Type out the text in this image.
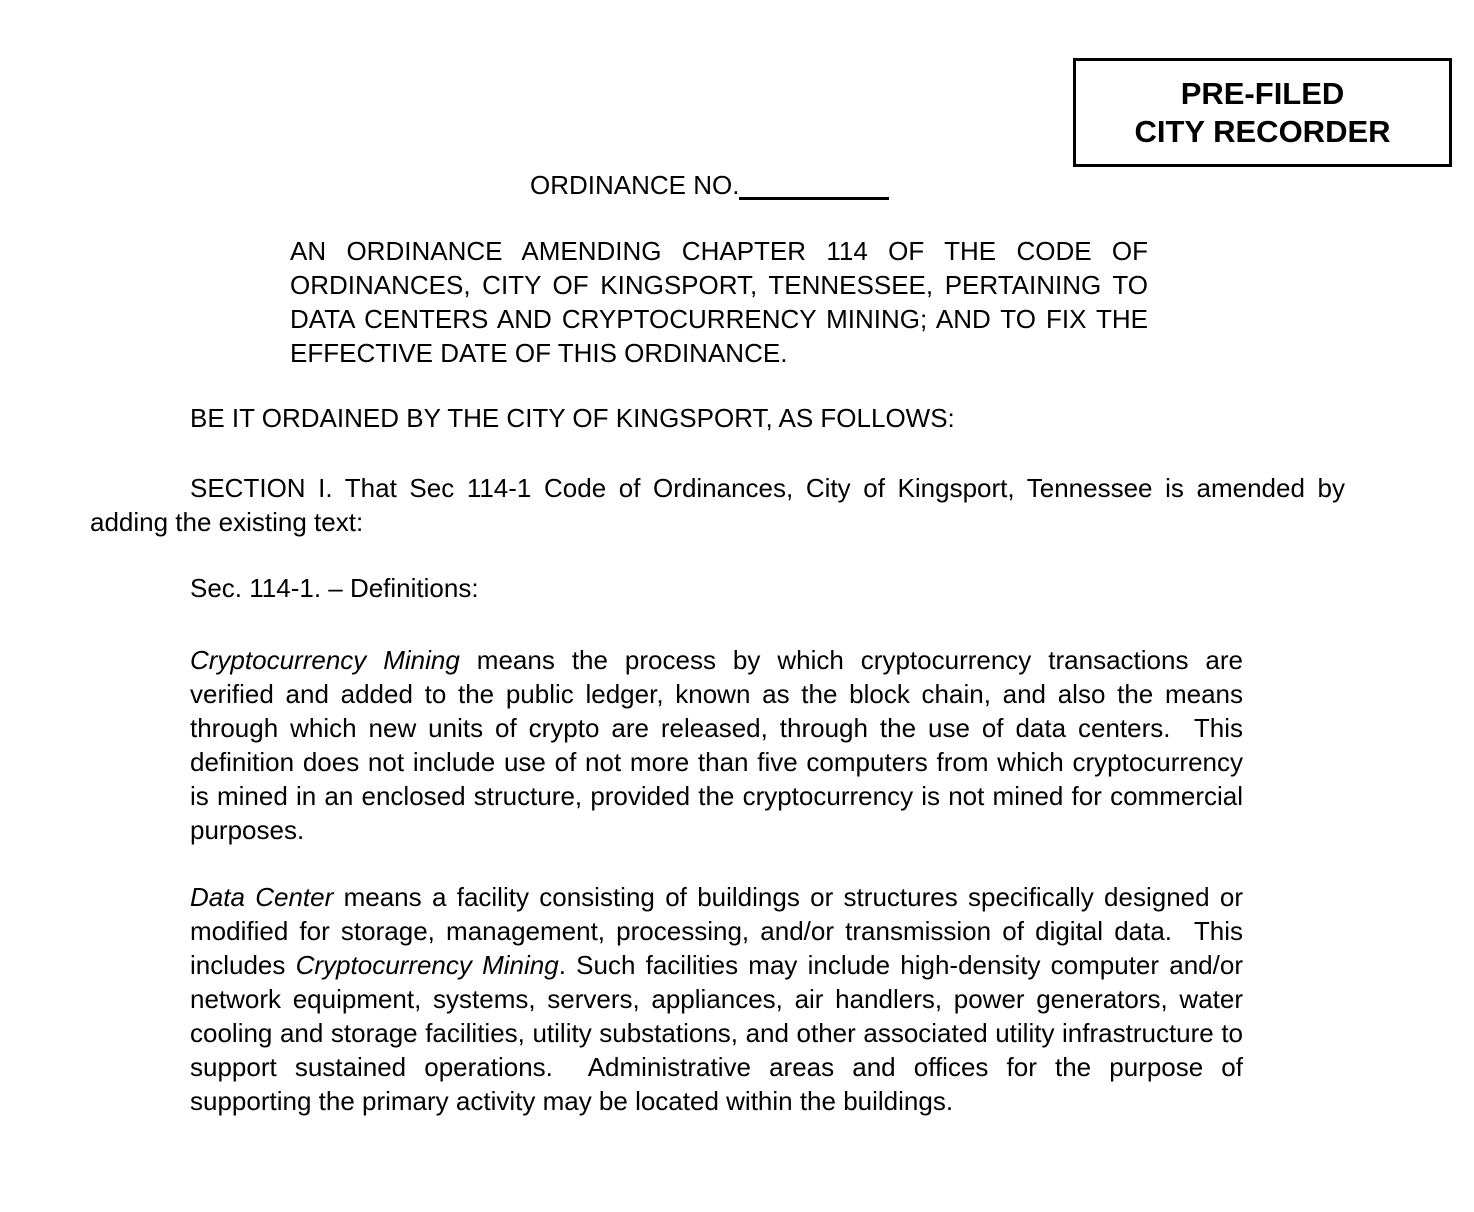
PRE-FILED
CITY RECORDER

ORDINANCE NO.

AN ORDINANCE AMENDING CHAPTER 114 OF THE CODE OF ORDINANCES, CITY OF KINGSPORT, TENNESSEE, PERTAINING TO DATA CENTERS AND CRYPTOCURRENCY MINING; AND TO FIX THE EFFECTIVE DATE OF THIS ORDINANCE.

BE IT ORDAINED BY THE CITY OF KINGSPORT, AS FOLLOWS:

SECTION I. That Sec 114-1 Code of Ordinances, City of Kingsport, Tennessee is amended by adding the existing text:

Sec. 114-1. – Definitions:

Cryptocurrency Mining means the process by which cryptocurrency transactions are verified and added to the public ledger, known as the block chain, and also the means through which new units of crypto are released, through the use of data centers.  This definition does not include use of not more than five computers from which cryptocurrency is mined in an enclosed structure, provided the cryptocurrency is not mined for commercial purposes.

Data Center means a facility consisting of buildings or structures specifically designed or modified for storage, management, processing, and/or transmission of digital data.  This includes Cryptocurrency Mining. Such facilities may include high-density computer and/or network equipment, systems, servers, appliances, air handlers, power generators, water cooling and storage facilities, utility substations, and other associated utility infrastructure to support sustained operations.  Administrative areas and offices for the purpose of supporting the primary activity may be located within the buildings.
